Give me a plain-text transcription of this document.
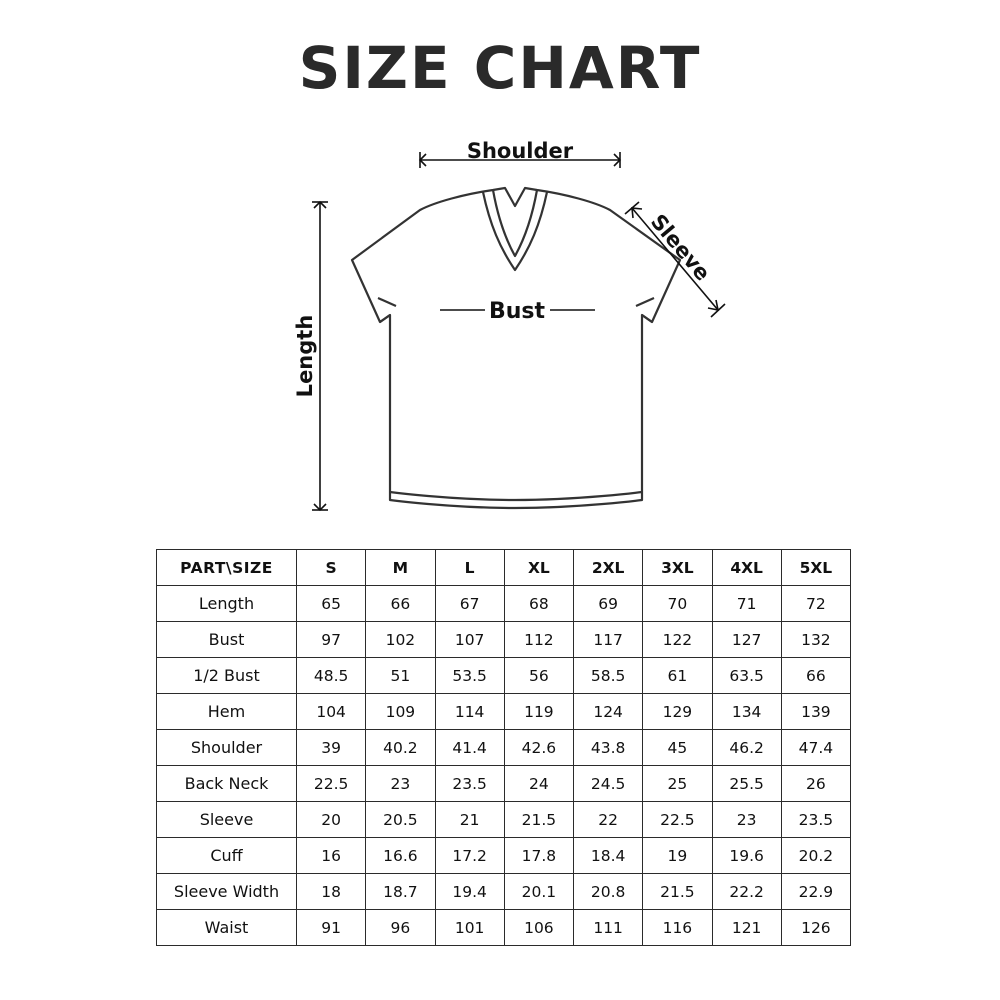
SIZE CHART
Shoulder
Length
Sleeve
Bust
PART\SIZE	S	M	L	XL	2XL	3XL	4XL	5XL
Length	65	66	67	68	69	70	71	72
Bust	97	102	107	112	117	122	127	132
1/2 Bust	48.5	51	53.5	56	58.5	61	63.5	66
Hem	104	109	114	119	124	129	134	139
Shoulder	39	40.2	41.4	42.6	43.8	45	46.2	47.4
Back Neck	22.5	23	23.5	24	24.5	25	25.5	26
Sleeve	20	20.5	21	21.5	22	22.5	23	23.5
Cuff	16	16.6	17.2	17.8	18.4	19	19.6	20.2
Sleeve Width	18	18.7	19.4	20.1	20.8	21.5	22.2	22.9
Waist	91	96	101	106	111	116	121	126
